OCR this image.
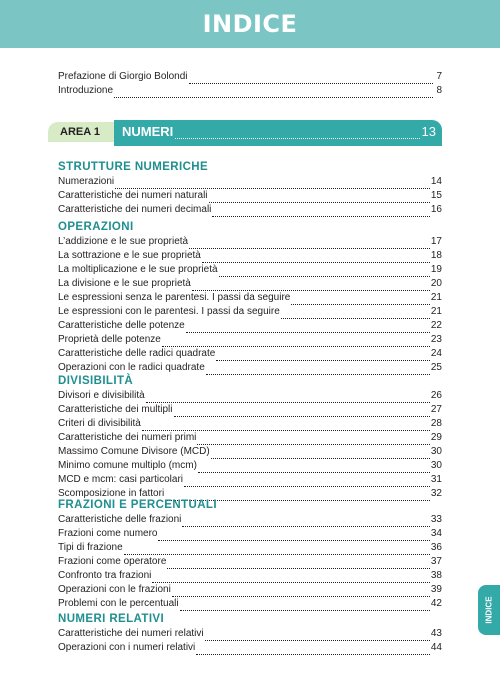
INDICE
Prefazione di Giorgio Bolondi	7
Introduzione	8
AREA 1	NUMERI	13
STRUTTURE NUMERICHE
Numerazioni	14
Caratteristiche dei numeri naturali	15
Caratteristiche dei numeri decimali	16
OPERAZIONI
L’addizione e le sue proprietà	17
La sottrazione e le sue proprietà	18
La moltiplicazione e le sue proprietà	19
La divisione e le sue proprietà	20
Le espressioni senza le parentesi. I passi da seguire	21
Le espressioni con le parentesi. I passi da seguire	21
Caratteristiche delle potenze	22
Proprietà delle potenze	23
Caratteristiche delle radici quadrate	24
Operazioni con le radici quadrate	25
DIVISIBILITÀ
Divisori e divisibilità	26
Caratteristiche dei multipli	27
Criteri di divisibilità	28
Caratteristiche dei numeri primi	29
Massimo Comune Divisore (MCD)	30
Minimo comune multiplo (mcm)	30
MCD e mcm: casi particolari	31
Scomposizione in fattori	32
FRAZIONI E PERCENTUALI
Caratteristiche delle frazioni	33
Frazioni come numero	34
Tipi di frazione	36
Frazioni come operatore	37
Confronto tra frazioni	38
Operazioni con le frazioni	39
Problemi con le percentuali	42
NUMERI RELATIVI
Caratteristiche dei numeri relativi	43
Operazioni con i numeri relativi	44
INDICE
